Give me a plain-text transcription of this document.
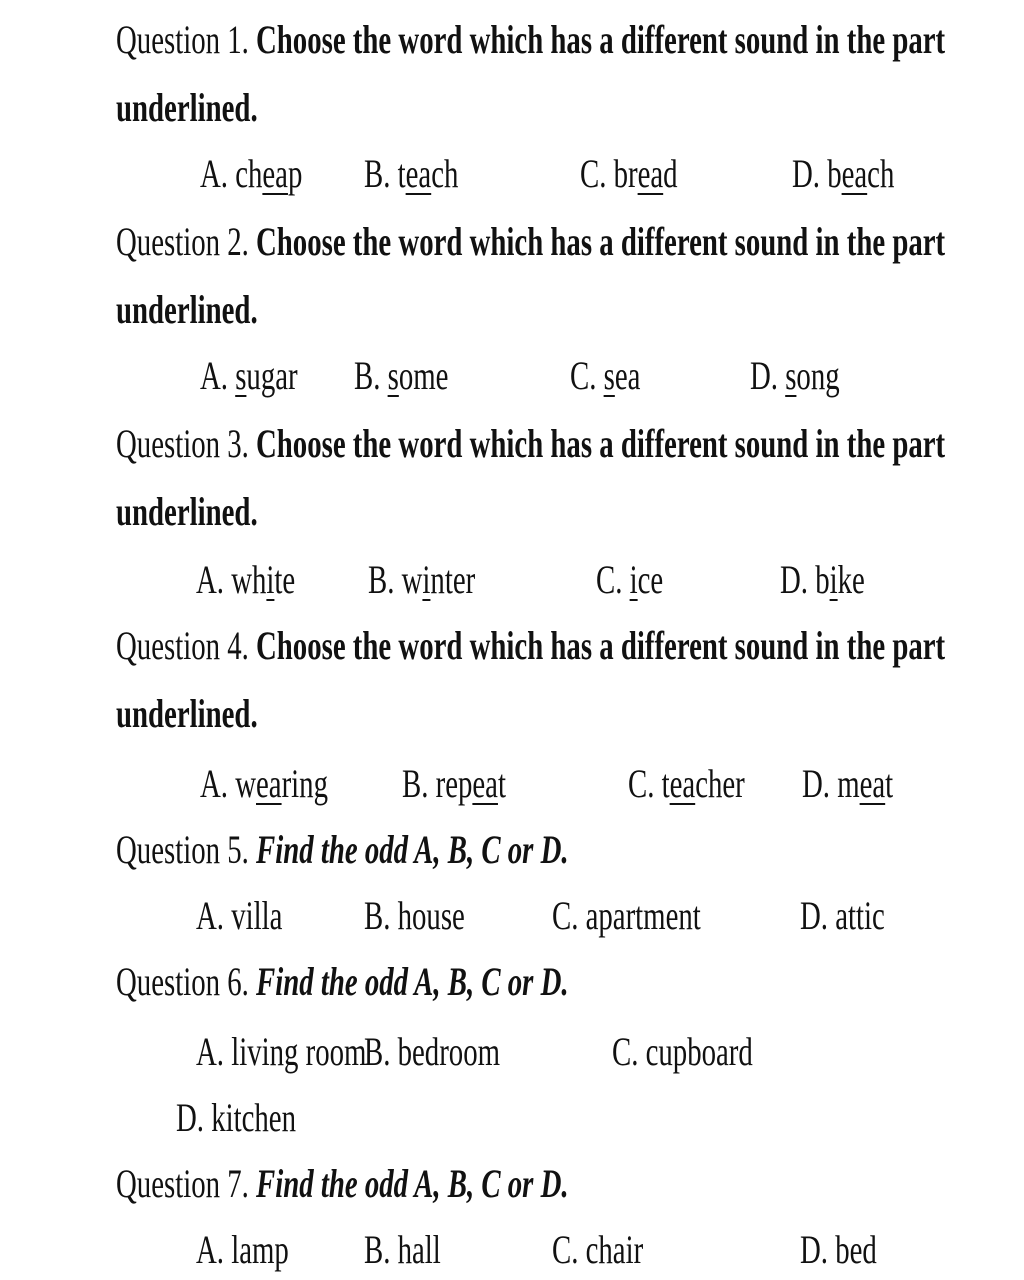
Question 1. Choose the word which has a different sound in the part
underlined.
A. cheap B. teach	C. bread	D. beach
Question 2. Choose the word which has a different sound in the part
underlined.
A. sugar B. some	C. sea	D. song
Question 3. Choose the word which has a different sound in the part
underlined.
A. white B. winter	C. ice	D. bike
Question 4. Choose the word which has a different sound in the part
underlined.
A. wearing B. repeat	C. teacher D. meat
Question 5. Find the odd A, B, C or D.
A. villa B. house C. apartment D. attic
Question 6. Find the odd A, B, C or D.
A. living room
B. bedroom	C. cupboard
D. kitchen
Question 7. Find the odd A, B, C or D.
A. lamp B. hall	C. chair	D. bed
